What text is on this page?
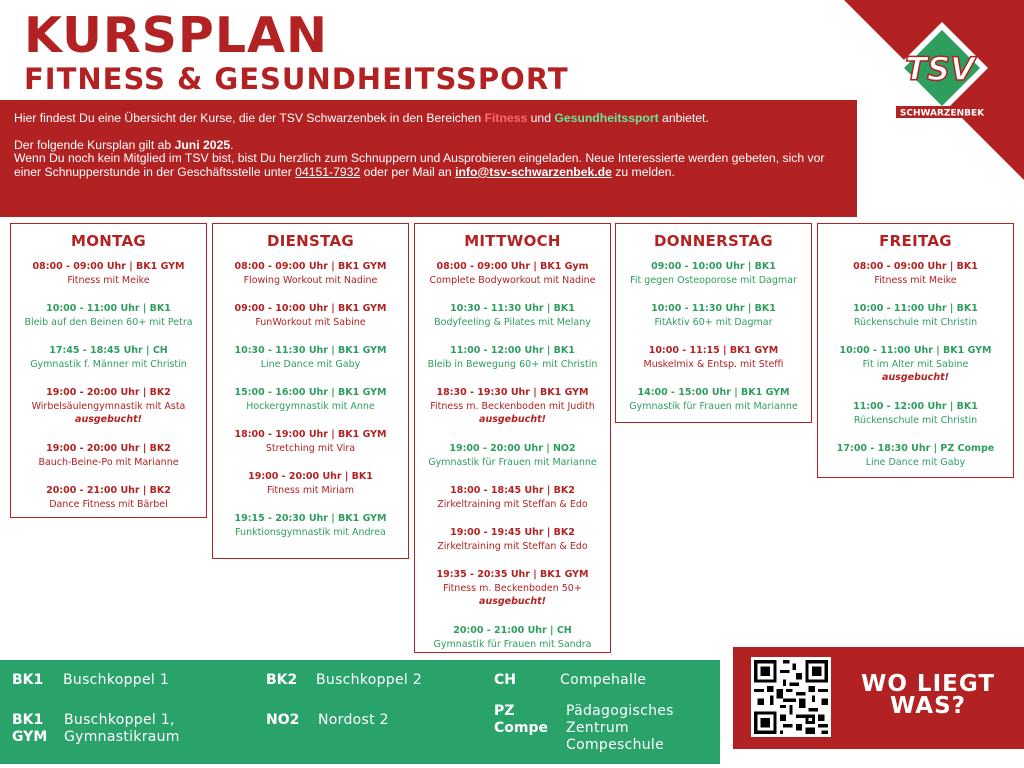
KURSPLAN
FITNESS & GESUNDHEITSSPORT	TSV
SCHWARZENBEK
SEIT 1899

Hier findest Du eine Übersicht der Kurse, die der TSV Schwarzenbek in den Bereichen Fitness und Gesundheitssport anbietet.

Der folgende Kursplan gilt ab Juni 2025.
Wenn Du noch kein Mitglied im TSV bist, bist Du herzlich zum Schnuppern und Ausprobieren eingeladen. Neue Interessierte werden gebeten, sich vor einer Schnupperstunde in der Geschäftsstelle unter 04151-7932 oder per Mail an info@tsv-schwarzenbek.de zu melden.

MONTAG
08:00 - 09:00 Uhr | BK1 GYM
Fitness mit Meike
10:00 - 11:00 Uhr | BK1
Bleib auf den Beinen 60+ mit Petra
17:45 - 18:45 Uhr | CH
Gymnastik f. Männer mit Christin
19:00 - 20:00 Uhr | BK2
Wirbelsäulengymnastik mit Asta
ausgebucht!
19:00 - 20:00 Uhr | BK2
Bauch-Beine-Po mit Marianne
20:00 - 21:00 Uhr | BK2
Dance Fitness mit Bärbel
DIENSTAG
08:00 - 09:00 Uhr | BK1 GYM
Flowing Workout mit Nadine
09:00 - 10:00 Uhr | BK1 GYM
FunWorkout mit Sabine
10:30 - 11:30 Uhr | BK1 GYM
Line Dance mit Gaby
15:00 - 16:00 Uhr | BK1 GYM
Hockergymnastik mit Anne
18:00 - 19:00 Uhr | BK1 GYM
Stretching mit Vira
19:00 - 20:00 Uhr | BK1
Fitness mit Miriam
19:15 - 20:30 Uhr | BK1 GYM
Funktionsgymnastik mit Andrea
MITTWOCH
08:00 - 09:00 Uhr | BK1 Gym
Complete Bodyworkout mit Nadine
10:30 - 11:30 Uhr | BK1
Bodyfeeling & Pilates mit Melany
11:00 - 12:00 Uhr | BK1
Bleib in Bewegung 60+ mit Christin
18:30 - 19:30 Uhr | BK1 GYM
Fitness m. Beckenboden mit Judith
ausgebucht!
19:00 - 20:00 Uhr | NO2
Gymnastik für Frauen mit Marianne
18:00 - 18:45 Uhr | BK2
Zirkeltraining mit Steffan & Edo
19:00 - 19:45 Uhr | BK2
Zirkeltraining mit Steffan & Edo
19:35 - 20:35 Uhr | BK1 GYM
Fitness m. Beckenboden 50+
ausgebucht!
20:00 - 21:00 Uhr | CH
Gymnastik für Frauen mit Sandra
DONNERSTAG
09:00 - 10:00 Uhr | BK1
Fit gegen Osteoporose mit Dagmar
10:00 - 11:30 Uhr | BK1
FitAktiv 60+ mit Dagmar
10:00 - 11:15 | BK1 GYM
Muskelmix & Entsp. mit Steffi
14:00 - 15:00 Uhr | BK1 GYM
Gymnastik für Frauen mit Marianne
FREITAG
08:00 - 09:00 Uhr | BK1
Fitness mit Meike
10:00 - 11:00 Uhr | BK1
Rückenschule mit Christin
10:00 - 11:00 Uhr | BK1 GYM
Fit im Alter mit Sabine
ausgebucht!
11:00 - 12:00 Uhr | BK1
Rückenschule mit Christin
17:00 - 18:30 Uhr | PZ Compe
Line Dance mit Gaby
BK1 Buschkoppel 1
BK1
GYM
Buschkoppel 1,
Gymnastikraum
BK2 Buschkoppel 2
NO2 Nordost 2
CH	Compehalle
PZ
Compe
Pädagogisches
Zentrum
Compeschule
WO LIEGT
WAS?
